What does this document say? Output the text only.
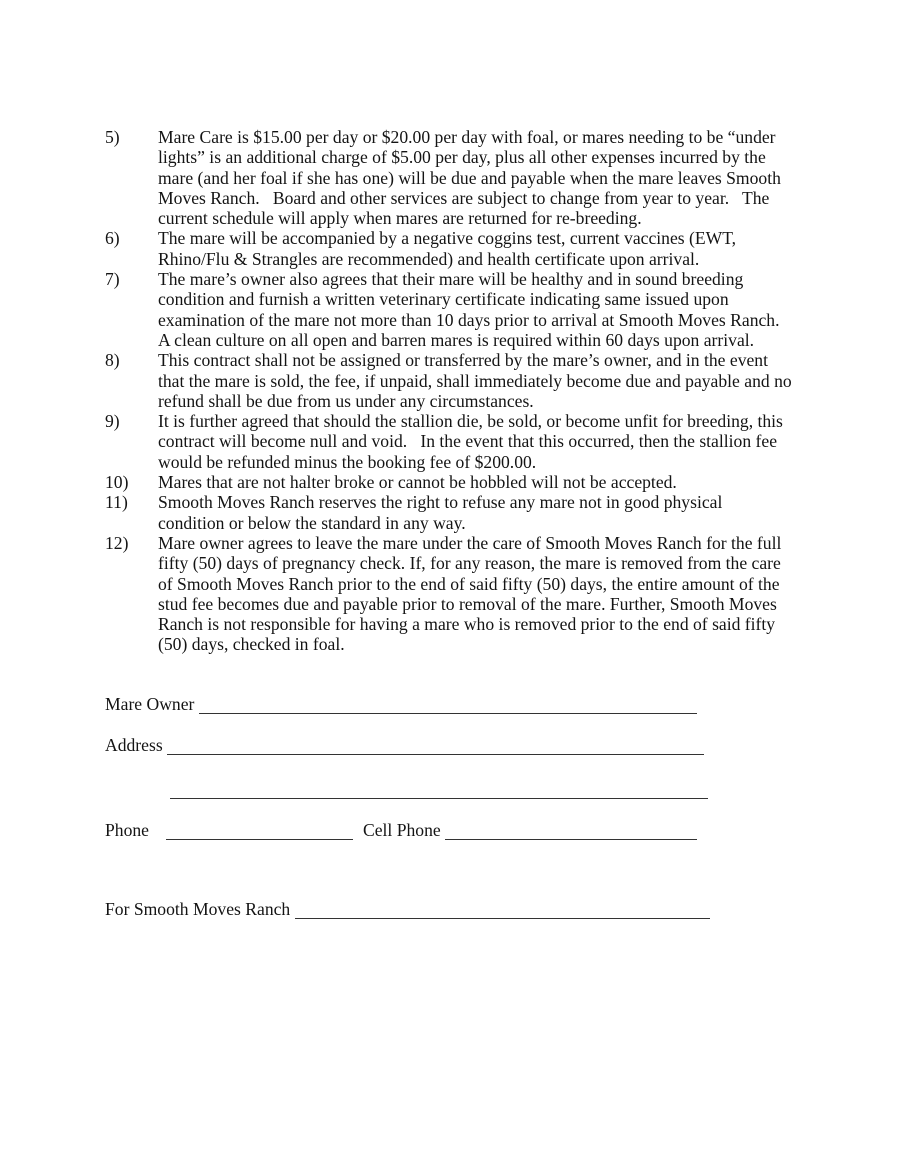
5)	Mare Care is $15.00 per day or $20.00 per day with foal, or mares needing to be “under lights” is an additional charge of $5.00 per day, plus all other expenses incurred by the mare (and her foal if she has one) will be due and payable when the mare leaves Smooth Moves Ranch.   Board and other services are subject to change from year to year.   The current schedule will apply when mares are returned for re-breeding.
6)	The mare will be accompanied by a negative coggins test, current vaccines (EWT, Rhino/Flu & Strangles are recommended) and health certificate upon arrival.
7)	The mare’s owner also agrees that their mare will be healthy and in sound breeding condition and furnish a written veterinary certificate indicating same issued upon examination of the mare not more than 10 days prior to arrival at Smooth Moves Ranch. A clean culture on all open and barren mares is required within 60 days upon arrival.
8)	This contract shall not be assigned or transferred by the mare’s owner, and in the event that the mare is sold, the fee, if unpaid, shall immediately become due and payable and no refund shall be due from us under any circumstances.
9)	It is further agreed that should the stallion die, be sold, or become unfit for breeding, this contract will become null and void.   In the event that this occurred, then the stallion fee would be refunded minus the booking fee of $200.00.
10)	Mares that are not halter broke or cannot be hobbled will not be accepted.
11)	Smooth Moves Ranch reserves the right to refuse any mare not in good physical condition or below the standard in any way.
12)	Mare owner agrees to leave the mare under the care of Smooth Moves Ranch for the full fifty (50) days of pregnancy check. If, for any reason, the mare is removed from the care of Smooth Moves Ranch prior to the end of said fifty (50) days, the entire amount of the stud fee becomes due and payable prior to removal of the mare. Further, Smooth Moves Ranch is not responsible for having a mare who is removed prior to the end of said fifty (50) days, checked in foal.
Mare Owner
Address
Phone	Cell Phone
For Smooth Moves Ranch
